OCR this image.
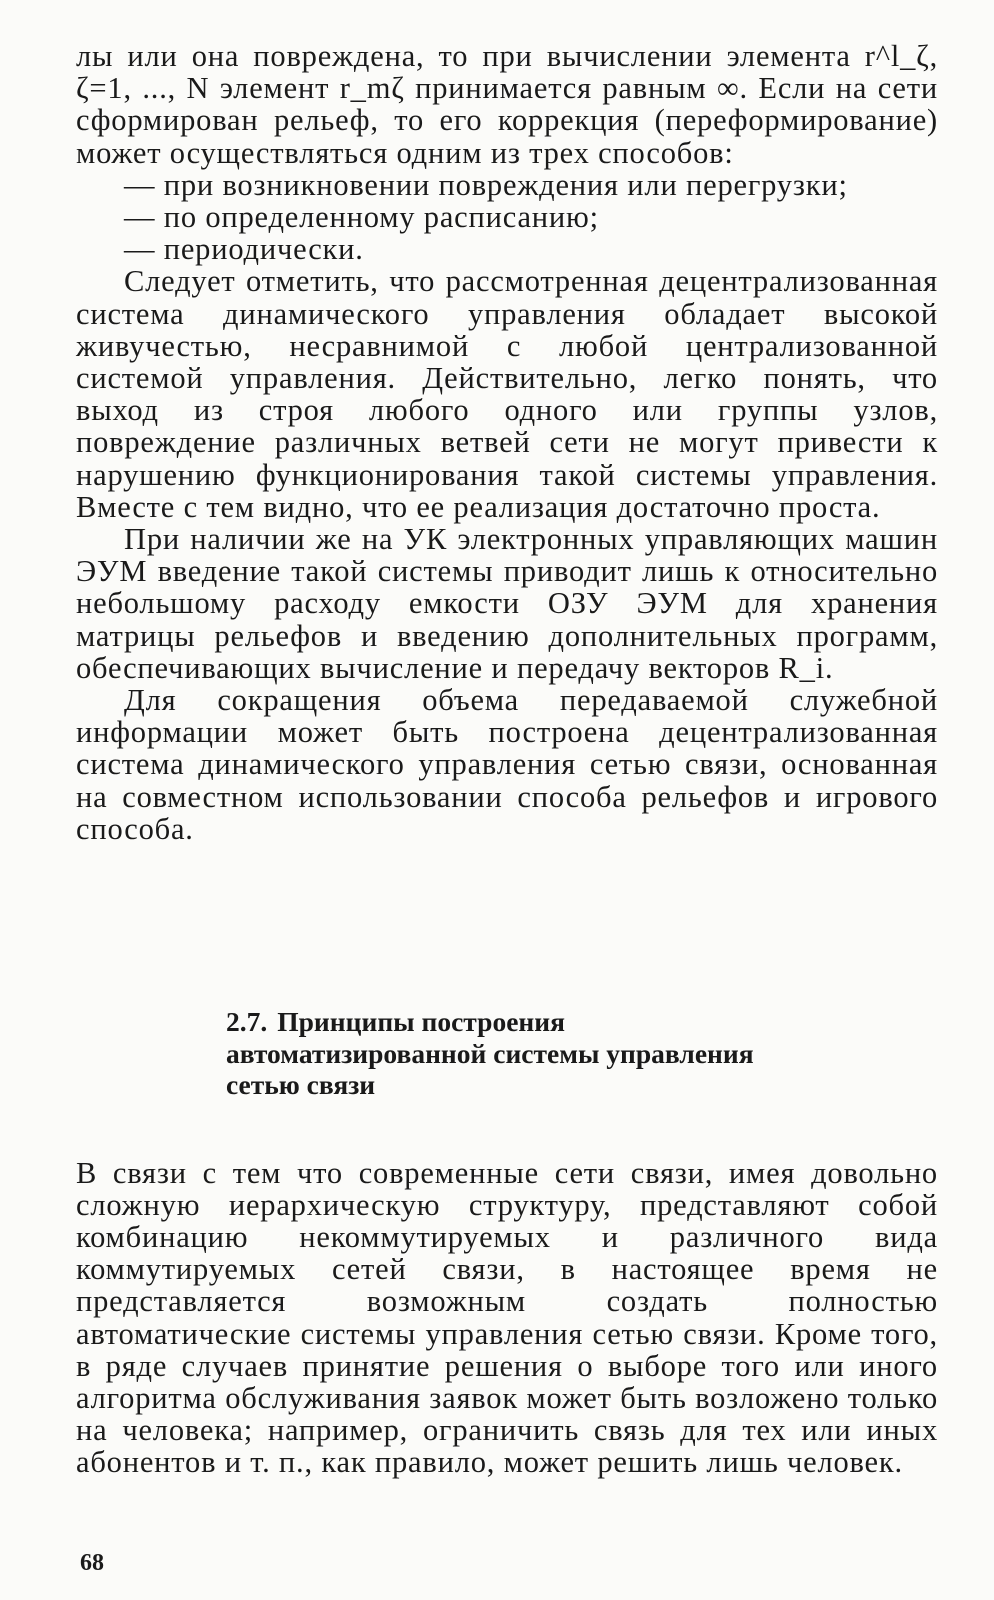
лы или она повреждена, то при вычислении элемента r^l_ζ, ζ=1, ..., N элемент r_mζ принимается равным ∞. Если на сети сформирован рельеф, то его коррекция (переформирование) может осуществляться одним из трех способов:

— при возникновении повреждения или перегрузки;
— по определенному расписанию;
— периодически.

Следует отметить, что рассмотренная децентрализованная система динамического управления обладает высокой живучестью, несравнимой с любой централизованной системой управления. Действительно, легко понять, что выход из строя любого одного или группы узлов, повреждение различных ветвей сети не могут привести к нарушению функционирования такой системы управления. Вместе с тем видно, что ее реализация достаточно проста.

При наличии же на УК электронных управляющих машин ЭУМ введение такой системы приводит лишь к относительно небольшому расходу емкости ОЗУ ЭУМ для хранения матрицы рельефов и введению дополнительных программ, обеспечивающих вычисление и передачу векторов R_i.

Для сокращения объема передаваемой служебной информации может быть построена децентрализованная система динамического управления сетью связи, основанная на совместном использовании способа рельефов и игрового способа.

2.7. Принципы построения
автоматизированной системы управления
сетью связи

В связи с тем что современные сети связи, имея довольно сложную иерархическую структуру, представляют собой комбинацию некоммутируемых и различного вида коммутируемых сетей связи, в настоящее время не представляется возможным создать полностью автоматические системы управления сетью связи. Кроме того, в ряде случаев принятие решения о выборе того или иного алгоритма обслуживания заявок может быть возложено только на человека; например, ограничить связь для тех или иных абонентов и т. п., как правило, может решить лишь человек.

68
